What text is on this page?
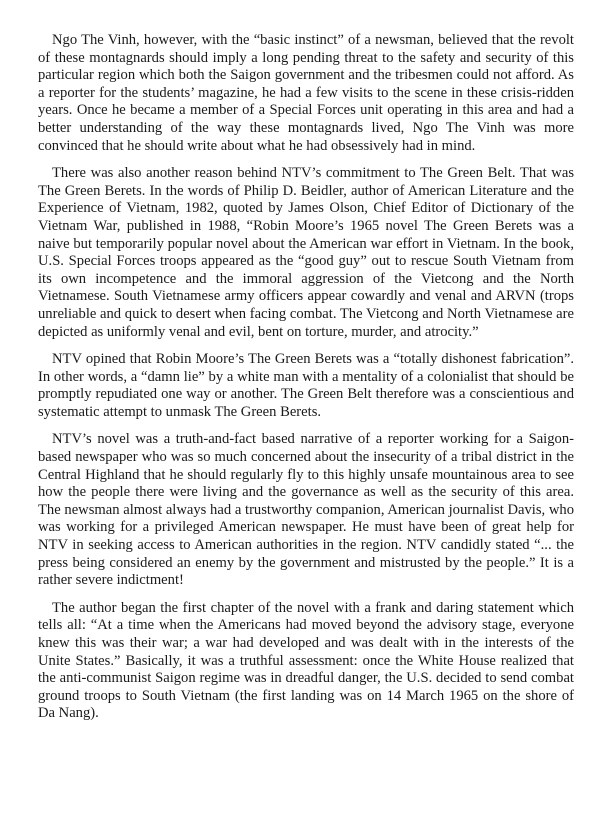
Ngo The Vinh, however, with the “basic instinct” of a newsman, believed that the revolt of these montagnards should imply a long pending threat to the safety and security of this particular region which both the Saigon government and the tribesmen could not afford. As a reporter for the students’ magazine, he had a few visits to the scene in these crisis-ridden years. Once he became a member of a Special Forces unit operating in this area and had a better understanding of the way these montagnards lived, Ngo The Vinh was more convinced that he should write about what he had obsessively had in mind.

There was also another reason behind NTV’s commitment to The Green Belt. That was The Green Berets. In the words of Philip D. Beidler, author of American Literature and the Experience of Vietnam, 1982, quoted by James Olson, Chief Editor of Dictionary of the Vietnam War, published in 1988, “Robin Moore’s 1965 novel The Green Berets was a naive but temporarily popular novel about the American war effort in Vietnam. In the book, U.S. Special Forces troops appeared as the “good guy” out to rescue South Vietnam from its own incompetence and the immoral aggression of the Vietcong and the North Vietnamese. South Vietnamese army officers appear cowardly and venal and ARVN (trops unreliable and quick to desert when facing combat. The Vietcong and North Vietnamese are depicted as uniformly venal and evil, bent on torture, murder, and atrocity.”

NTV opined that Robin Moore’s The Green Berets was a “totally dishonest fabrication”. In other words, a “damn lie” by a white man with a mentality of a colonialist that should be promptly repudiated one way or another. The Green Belt therefore was a conscientious and systematic attempt to unmask The Green Berets.

NTV’s novel was a truth-and-fact based narrative of a reporter working for a Saigon-based newspaper who was so much concerned about the insecurity of a tribal district in the Central Highland that he should regularly fly to this highly unsafe mountainous area to see how the people there were living and the governance as well as the security of this area. The newsman almost always had a trustworthy companion, American journalist Davis, who was working for a privileged American newspaper. He must have been of great help for NTV in seeking access to American authorities in the region. NTV candidly stated “... the press being considered an enemy by the government and mistrusted by the people.” It is a rather severe indictment!

The author began the first chapter of the novel with a frank and daring statement which tells all: “At a time when the Americans had moved beyond the advisory stage, everyone knew this was their war; a war had developed and was dealt with in the interests of the Unite States.” Basically, it was a truthful assessment: once the White House realized that the anti-communist Saigon regime was in dreadful danger, the U.S. decided to send combat ground troops to South Vietnam (the first landing was on 14 March 1965 on the shore of Da Nang).
